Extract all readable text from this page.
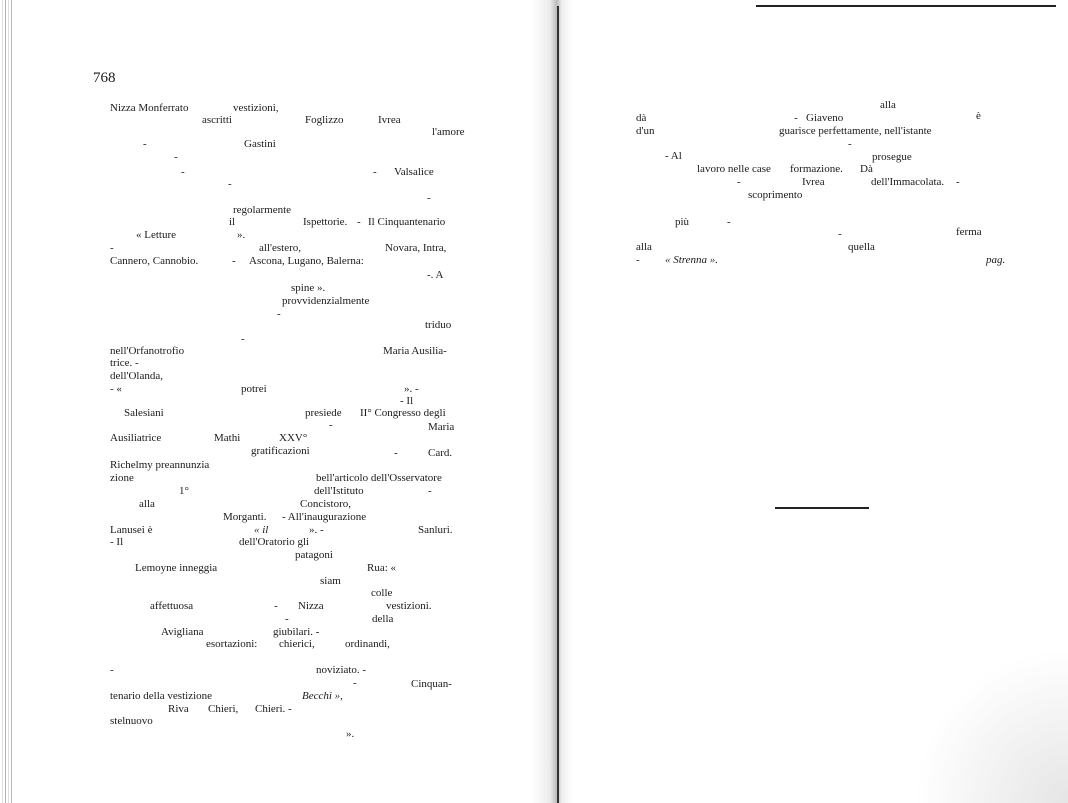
768
Nizza Monferrato	vestizioni,
ascritti	Foglizzo	Ivrea
l'amore
-	Gastini
-
-	- Valsalice
-
-
regolarmente
il	Ispettorie. - Il Cinquantenario
« Letture	».
-	all'estero,	Novara, Intra,
Cannero, Cannobio.	- Ascona, Lugano, Balerna:
-. A
spine ».
provvidenzialmente
-
triduo
-
nell'Orfanotrofio	Maria Ausilia-
trice. -
dell'Olanda,
- «	potrei	». -
- Il
Salesiani	presiede II° Congresso degli
-	Maria
Ausiliatrice	Mathi	XXV°
gratificazioni	-	Card.
Richelmy preannunzia
zione	bell'articolo dell'Osservatore
1°	dell'Istituto	-
alla	Concistoro,
Morganti. - All'inaugurazione
Lanusei è	« il	». -	Sanluri.
- Il	dell'Oratorio gli
patagoni
Lemoyne inneggia	Rua: «
siam
colle
affettuosa	- Nizza	vestizioni.
-	della
Avigliana	giubilari. -
esortazioni: chierici,	ordinandi,
-	noviziato. -
-	Cinquan-
tenario della vestizione	Becchi »,
Riva Chieri, Chieri. -
stelnuovo
».
alla
dà	- Giaveno	è
d'un	guarisce perfettamente, nell'istante
-
- Al	prosegue
lavoro nelle case formazione. Dà
-	Ivrea	dell'Immacolata. -
scoprimento
più	-
-	ferma
alla	quella
- « Strenna ».	pag.
